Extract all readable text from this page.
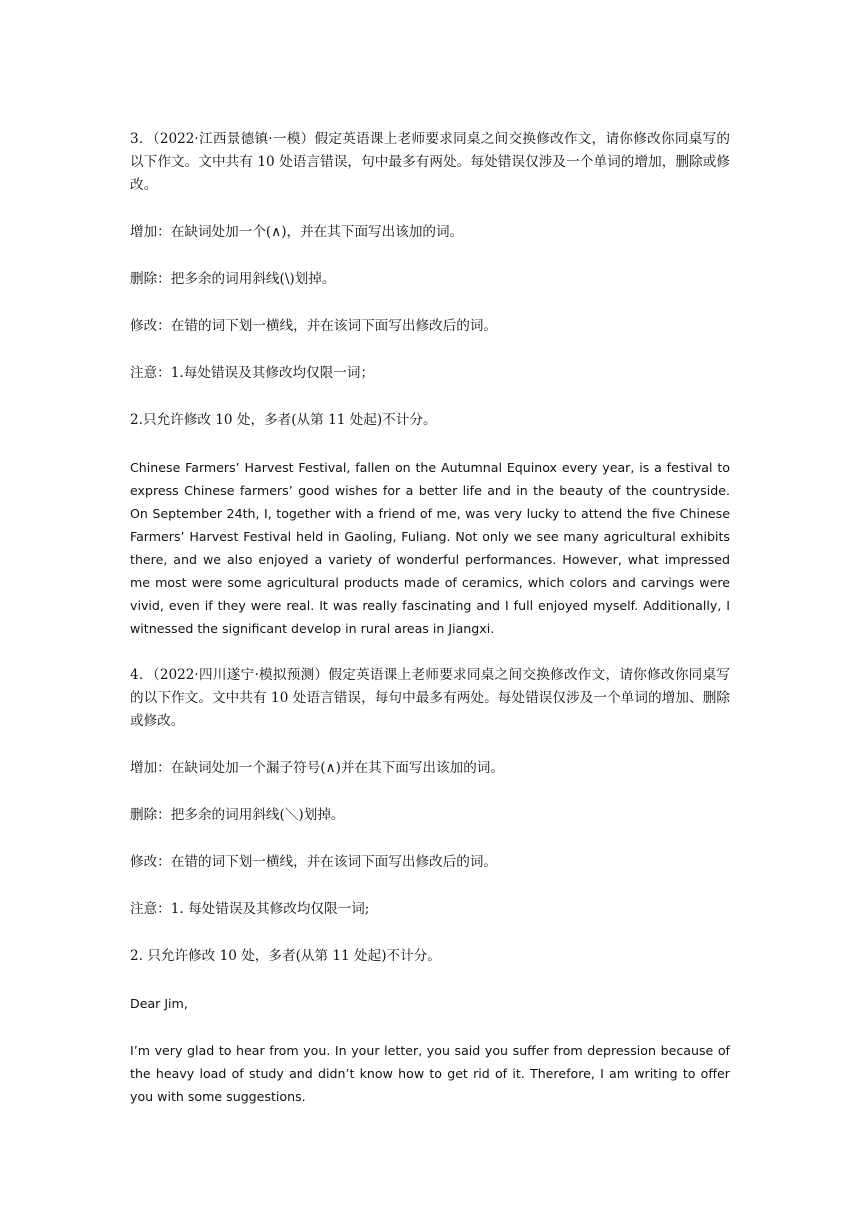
3．（2022·江西景德镇·一模）假定英语课上老师要求同桌之间交换修改作文，请你修改你同桌写的以下作文。文中共有 10 处语言错误，句中最多有两处。每处错误仅涉及一个单词的增加，删除或修改。

增加：在缺词处加一个(∧)，并在其下面写出该加的词。

删除：把多余的词用斜线(\)划掉。

修改：在错的词下划一横线，并在该词下面写出修改后的词。

注意：1.每处错误及其修改均仅限一词；

2.只允许修改 10 处，多者(从第 11 处起)不计分。

Chinese Farmers’ Harvest Festival, fallen on the Autumnal Equinox every year, is a festival to express Chinese farmers’ good wishes for a better life and in the beauty of the countryside. On September 24th, I, together with a friend of me, was very lucky to attend the five Chinese Farmers’ Harvest Festival held in Gaoling, Fuliang. Not only we see many agricultural exhibits there, and we also enjoyed a variety of wonderful performances. However, what impressed me most were some agricultural products made of ceramics, which colors and carvings were vivid, even if they were real. It was really fascinating and I full enjoyed myself. Additionally, I witnessed the significant develop in rural areas in Jiangxi.

4．（2022·四川遂宁·模拟预测）假定英语课上老师要求同桌之间交换修改作文，请你修改你同桌写的以下作文。文中共有 10 处语言错误，每句中最多有两处。每处错误仅涉及一个单词的增加、删除或修改。

增加：在缺词处加一个漏子符号(∧)并在其下面写出该加的词。

删除：把多余的词用斜线(＼)划掉。

修改：在错的词下划一横线，并在该词下面写出修改后的词。

注意：1. 每处错误及其修改均仅限一词;

2. 只允许修改 10 处，多者(从第 11 处起)不计分。

Dear Jim,

I’m very glad to hear from you. In your letter, you said you suffer from depression because of the heavy load of study and didn’t know how to get rid of it. Therefore, I am writing to offer you with some suggestions.
